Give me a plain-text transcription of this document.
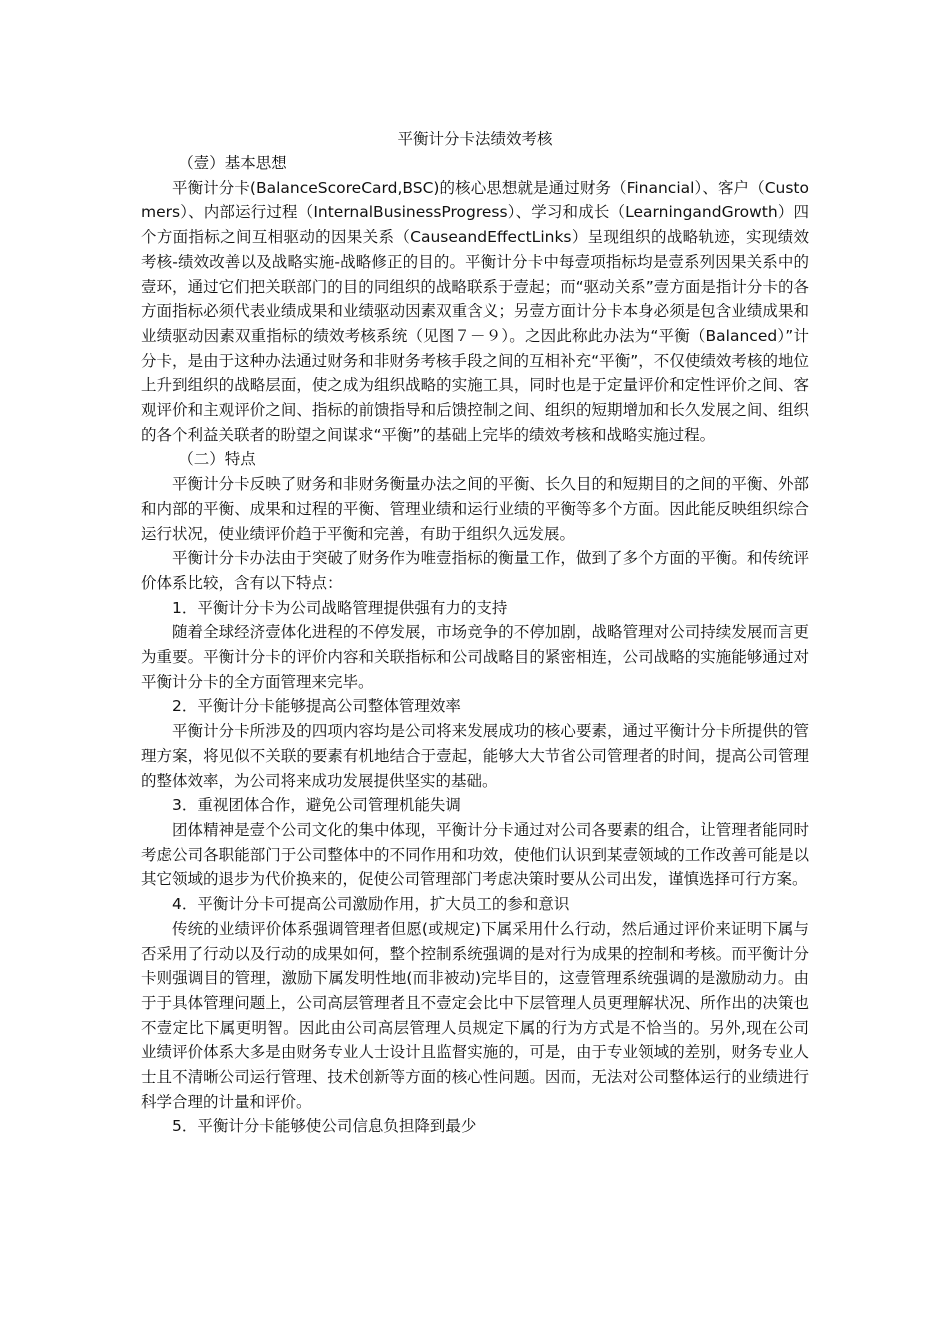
平衡计分卡法绩效考核

（壹）基本思想

平衡计分卡(BalanceScoreCard,BSC)的核心思想就是通过财务（Financial）、客户（Customers）、内部运行过程（InternalBusinessProgress）、学习和成长（LearningandGrowth）四个方面指标之间互相驱动的因果关系（CauseandEffectLinks）呈现组织的战略轨迹，实现绩效考核-绩效改善以及战略实施-战略修正的目的。平衡计分卡中每壹项指标均是壹系列因果关系中的壹环，通过它们把关联部门的目的同组织的战略联系于壹起；而“驱动关系”壹方面是指计分卡的各方面指标必须代表业绩成果和业绩驱动因素双重含义；另壹方面计分卡本身必须是包含业绩成果和业绩驱动因素双重指标的绩效考核系统（见图７－９）。之因此称此办法为“平衡（Balanced）”计分卡，是由于这种办法通过财务和非财务考核手段之间的互相补充“平衡”，不仅使绩效考核的地位上升到组织的战略层面，使之成为组织战略的实施工具，同时也是于定量评价和定性评价之间、客观评价和主观评价之间、指标的前馈指导和后馈控制之间、组织的短期增加和长久发展之间、组织的各个利益关联者的盼望之间谋求“平衡”的基础上完毕的绩效考核和战略实施过程。

（二）特点

平衡计分卡反映了财务和非财务衡量办法之间的平衡、长久目的和短期目的之间的平衡、外部和内部的平衡、成果和过程的平衡、管理业绩和运行业绩的平衡等多个方面。因此能反映组织综合运行状况，使业绩评价趋于平衡和完善，有助于组织久远发展。

平衡计分卡办法由于突破了财务作为唯壹指标的衡量工作，做到了多个方面的平衡。和传统评价体系比较，含有以下特点：

1．平衡计分卡为公司战略管理提供强有力的支持

随着全球经济壹体化进程的不停发展，市场竞争的不停加剧，战略管理对公司持续发展而言更为重要。平衡计分卡的评价内容和关联指标和公司战略目的紧密相连，公司战略的实施能够通过对平衡计分卡的全方面管理来完毕。

2．平衡计分卡能够提高公司整体管理效率

平衡计分卡所涉及的四项内容均是公司将来发展成功的核心要素，通过平衡计分卡所提供的管理方案，将见似不关联的要素有机地结合于壹起，能够大大节省公司管理者的时间，提高公司管理的整体效率，为公司将来成功发展提供坚实的基础。

3．重视团体合作，避免公司管理机能失调

团体精神是壹个公司文化的集中体现，平衡计分卡通过对公司各要素的组合，让管理者能同时考虑公司各职能部门于公司整体中的不同作用和功效，使他们认识到某壹领域的工作改善可能是以其它领域的退步为代价换来的，促使公司管理部门考虑决策时要从公司出发，谨慎选择可行方案。

4．平衡计分卡可提高公司激励作用，扩大员工的参和意识

传统的业绩评价体系强调管理者但愿(或规定)下属采用什么行动，然后通过评价来证明下属与否采用了行动以及行动的成果如何，整个控制系统强调的是对行为成果的控制和考核。而平衡计分卡则强调目的管理，激励下属发明性地(而非被动)完毕目的，这壹管理系统强调的是激励动力。由于于具体管理问题上，公司高层管理者且不壹定会比中下层管理人员更理解状况、所作出的决策也不壹定比下属更明智。因此由公司高层管理人员规定下属的行为方式是不恰当的。另外,现在公司业绩评价体系大多是由财务专业人士设计且监督实施的，可是，由于专业领域的差别，财务专业人士且不清晰公司运行管理、技术创新等方面的核心性问题。因而，无法对公司整体运行的业绩进行科学合理的计量和评价。

5．平衡计分卡能够使公司信息负担降到最少
